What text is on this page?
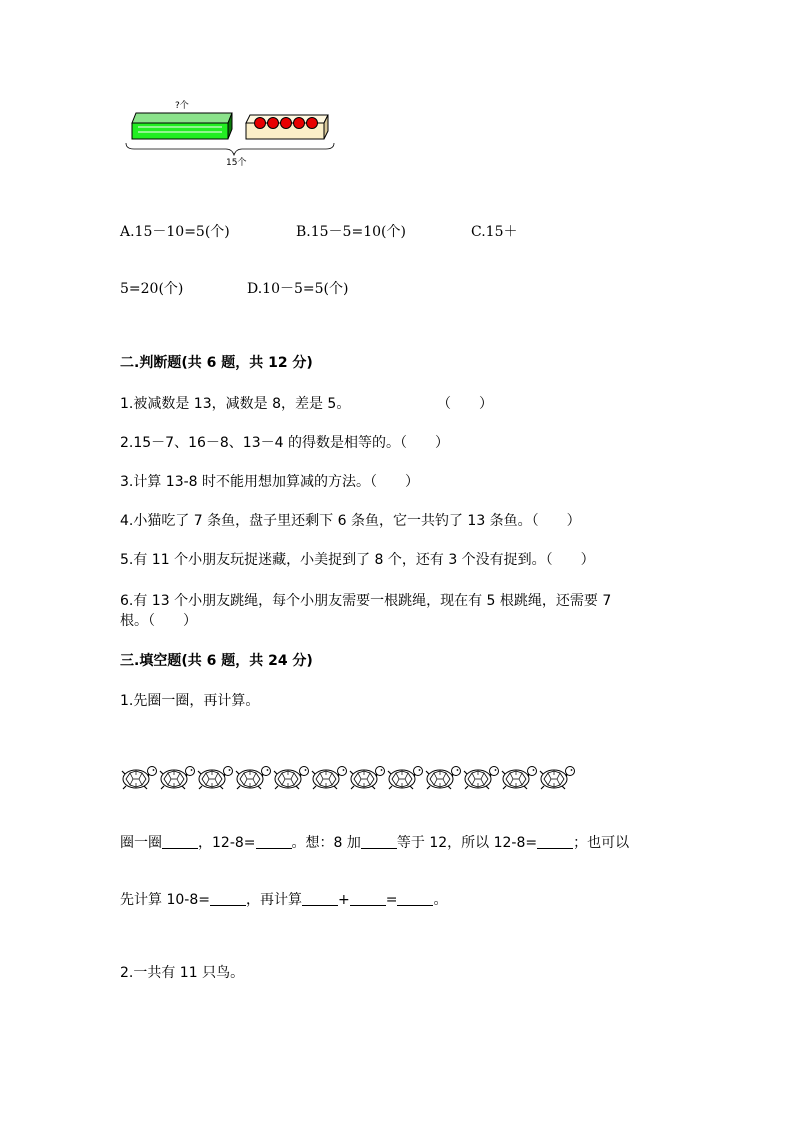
?个
15个
A.15－10=5(个)	B.15－5=10(个)	C.15＋
5=20(个)	D.10－5=5(个)
二.判断题(共 6 题，共 12 分)
1.被减数是 13，减数是 8，差是 5。	（　　）
2.15－7、16－8、13－4 的得数是相等的。（　　）
3.计算 13-8 时不能用想加算减的方法。（　　）
4.小猫吃了 7 条鱼，盘子里还剩下 6 条鱼，它一共钓了 13 条鱼。（　　）
5.有 11 个小朋友玩捉迷藏，小美捉到了 8 个，还有 3 个没有捉到。（　　）
6.有 13 个小朋友跳绳，每个小朋友需要一根跳绳，现在有 5 根跳绳，还需要 7
根。（　　）
三.填空题(共 6 题，共 24 分)
1.先圈一圈，再计算。
圈一圈	，12-8=	。想：8 加	等于 12，所以 12-8=	；也可以
先计算 10-8=	，再计算	+	=	。
2.一共有 11 只鸟。
